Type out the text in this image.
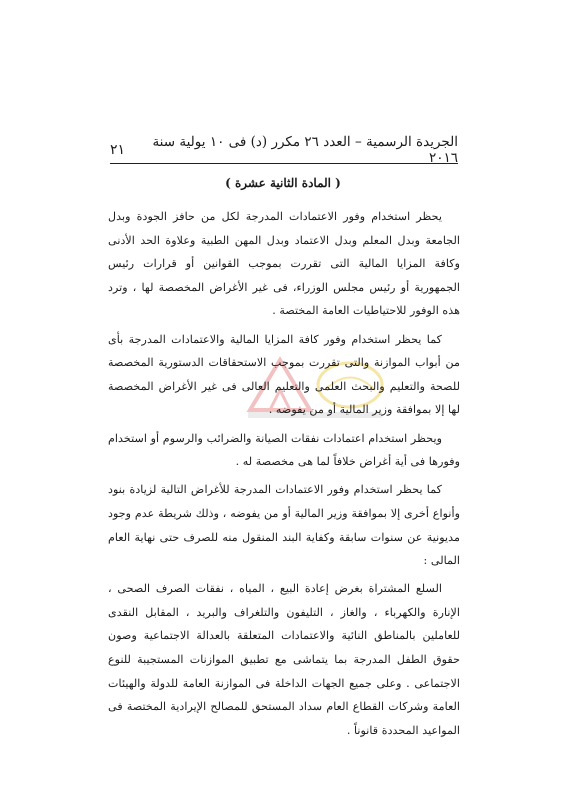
الجريدة الرسمية – العدد ٢٦ مكرر (د) فى ١٠ يولية سنة ٢٠١٦
٢١
( المادة الثانية عشرة )

يحظر استخدام وفور الاعتمادات المدرجة لكل من حافز الجودة وبدل الجامعة وبدل المعلم وبدل الاعتماد وبدل المهن الطبية وعلاوة الحد الأدنى وكافة المزايا المالية التى تقررت بموجب القوانين أو قرارات رئيس الجمهورية أو رئيس مجلس الوزراء، فى غير الأغراض المخصصة لها ، وترد هذه الوفور للاحتياطيات العامة المختصة .

كما يحظر استخدام وفور كافة المزايا المالية والاعتمادات المدرجة بأى من أبواب الموازنة والتى تقررت بموجب الاستحقاقات الدستورية المخصصة للصحة والتعليم والبحث العلمى والتعليم العالى فى غير الأغراض المخصصة لها إلا بموافقة وزير المالية أو من يفوضه .

ويحظر استخدام اعتمادات نفقات الصيانة والضرائب والرسوم أو استخدام وفورها فى أية أغراض خلافاً لما هى مخصصة له .

كما يحظر استخدام وفور الاعتمادات المدرجة للأغراض التالية لزيادة بنود وأنواع أخرى إلا بموافقة وزير المالية أو من يفوضه ، وذلك شريطة عدم وجود مديونية عن سنوات سابقة وكفاية البند المنقول منه للصرف حتى نهاية العام المالى :

السلع المشتراة بغرض إعادة البيع ، المياه ، نفقات الصرف الصحى ، الإنارة والكهرباء ، والغاز ، التليفون والتلغراف والبريد ، المقابل النقدى للعاملين بالمناطق النائية والاعتمادات المتعلقة بالعدالة الاجتماعية وصون حقوق الطفل المدرجة بما يتماشى مع تطبيق الموازنات المستجيبة للنوع الاجتماعى . وعلى جميع الجهات الداخلة فى الموازنة العامة للدولة والهيئات العامة وشركات القطاع العام سداد المستحق للمصالح الإيرادية المختصة فى المواعيد المحددة قانوناً .
